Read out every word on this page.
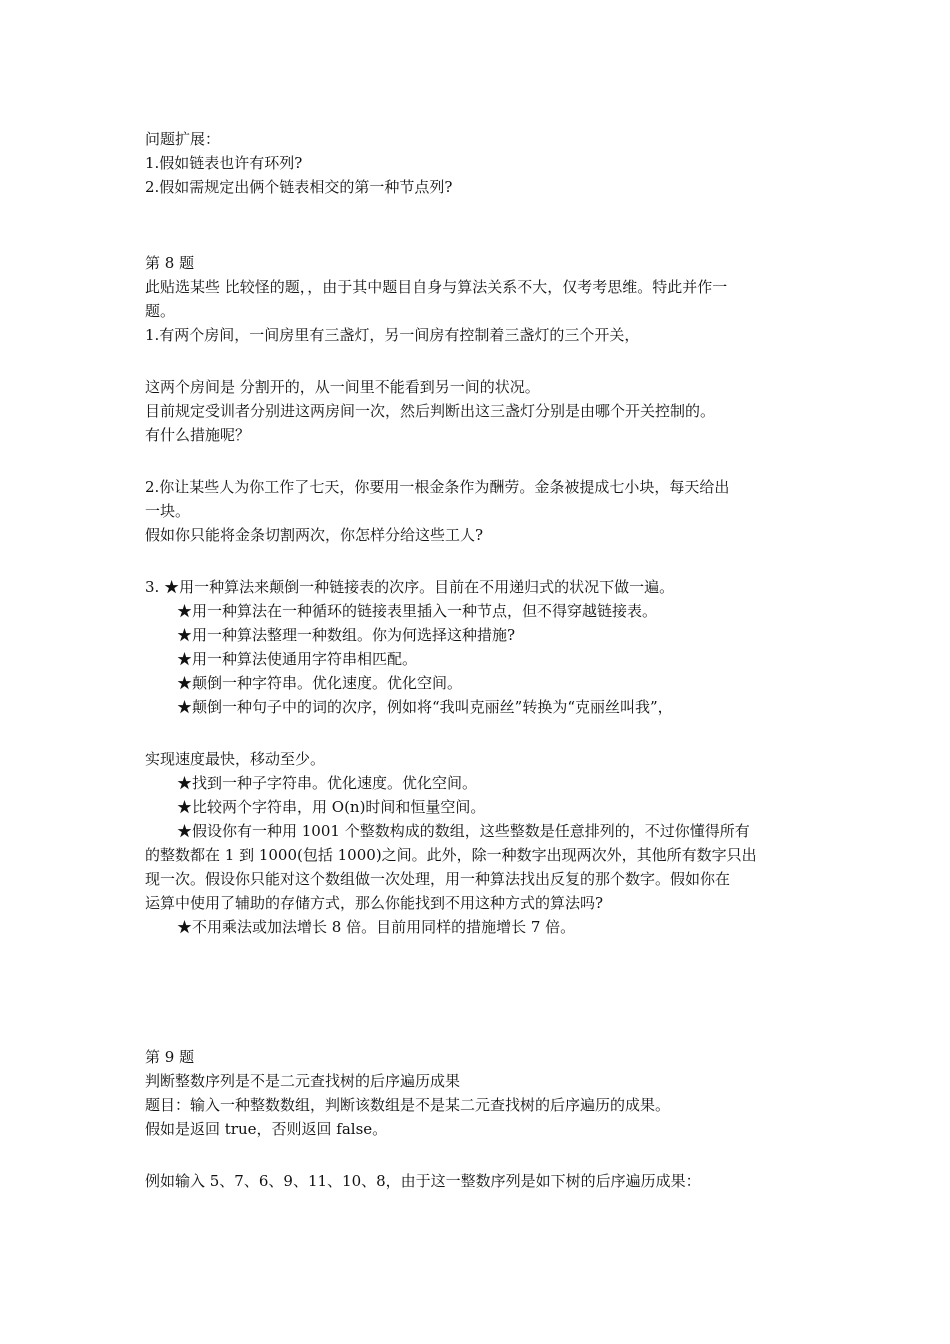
问题扩展：
1.假如链表也许有环列?
2.假如需规定出俩个链表相交的第一种节点列?
第 8 题
此贴选某些 比较怪的题，，由于其中题目自身与算法关系不大，仅考考思维。特此并作一
题。
1.有两个房间，一间房里有三盏灯，另一间房有控制着三盏灯的三个开关，
这两个房间是 分割开的，从一间里不能看到另一间的状况。
目前规定受训者分别进这两房间一次，然后判断出这三盏灯分别是由哪个开关控制的。
有什么措施呢？
2.你让某些人为你工作了七天，你要用一根金条作为酬劳。金条被提成七小块，每天给出
一块。
假如你只能将金条切割两次，你怎样分给这些工人?
3. ★用一种算法来颠倒一种链接表的次序。目前在不用递归式的状况下做一遍。
★用一种算法在一种循环的链接表里插入一种节点，但不得穿越链接表。
★用一种算法整理一种数组。你为何选择这种措施?
★用一种算法使通用字符串相匹配。
★颠倒一种字符串。优化速度。优化空间。
★颠倒一种句子中的词的次序，例如将“我叫克丽丝”转换为“克丽丝叫我”，
实现速度最快，移动至少。
★找到一种子字符串。优化速度。优化空间。
★比较两个字符串，用 O(n)时间和恒量空间。
★假设你有一种用 1001 个整数构成的数组，这些整数是任意排列的，不过你懂得所有
的整数都在 1 到 1000(包括 1000)之间。此外，除一种数字出现两次外，其他所有数字只出
现一次。假设你只能对这个数组做一次处理，用一种算法找出反复的那个数字。假如你在
运算中使用了辅助的存储方式，那么你能找到不用这种方式的算法吗?
★不用乘法或加法增长 8 倍。目前用同样的措施增长 7 倍。
第 9 题
判断整数序列是不是二元查找树的后序遍历成果
题目：输入一种整数数组，判断该数组是不是某二元查找树的后序遍历的成果。
假如是返回 true，否则返回 false。
例如输入 5、7、6、9、11、10、8，由于这一整数序列是如下树的后序遍历成果：
